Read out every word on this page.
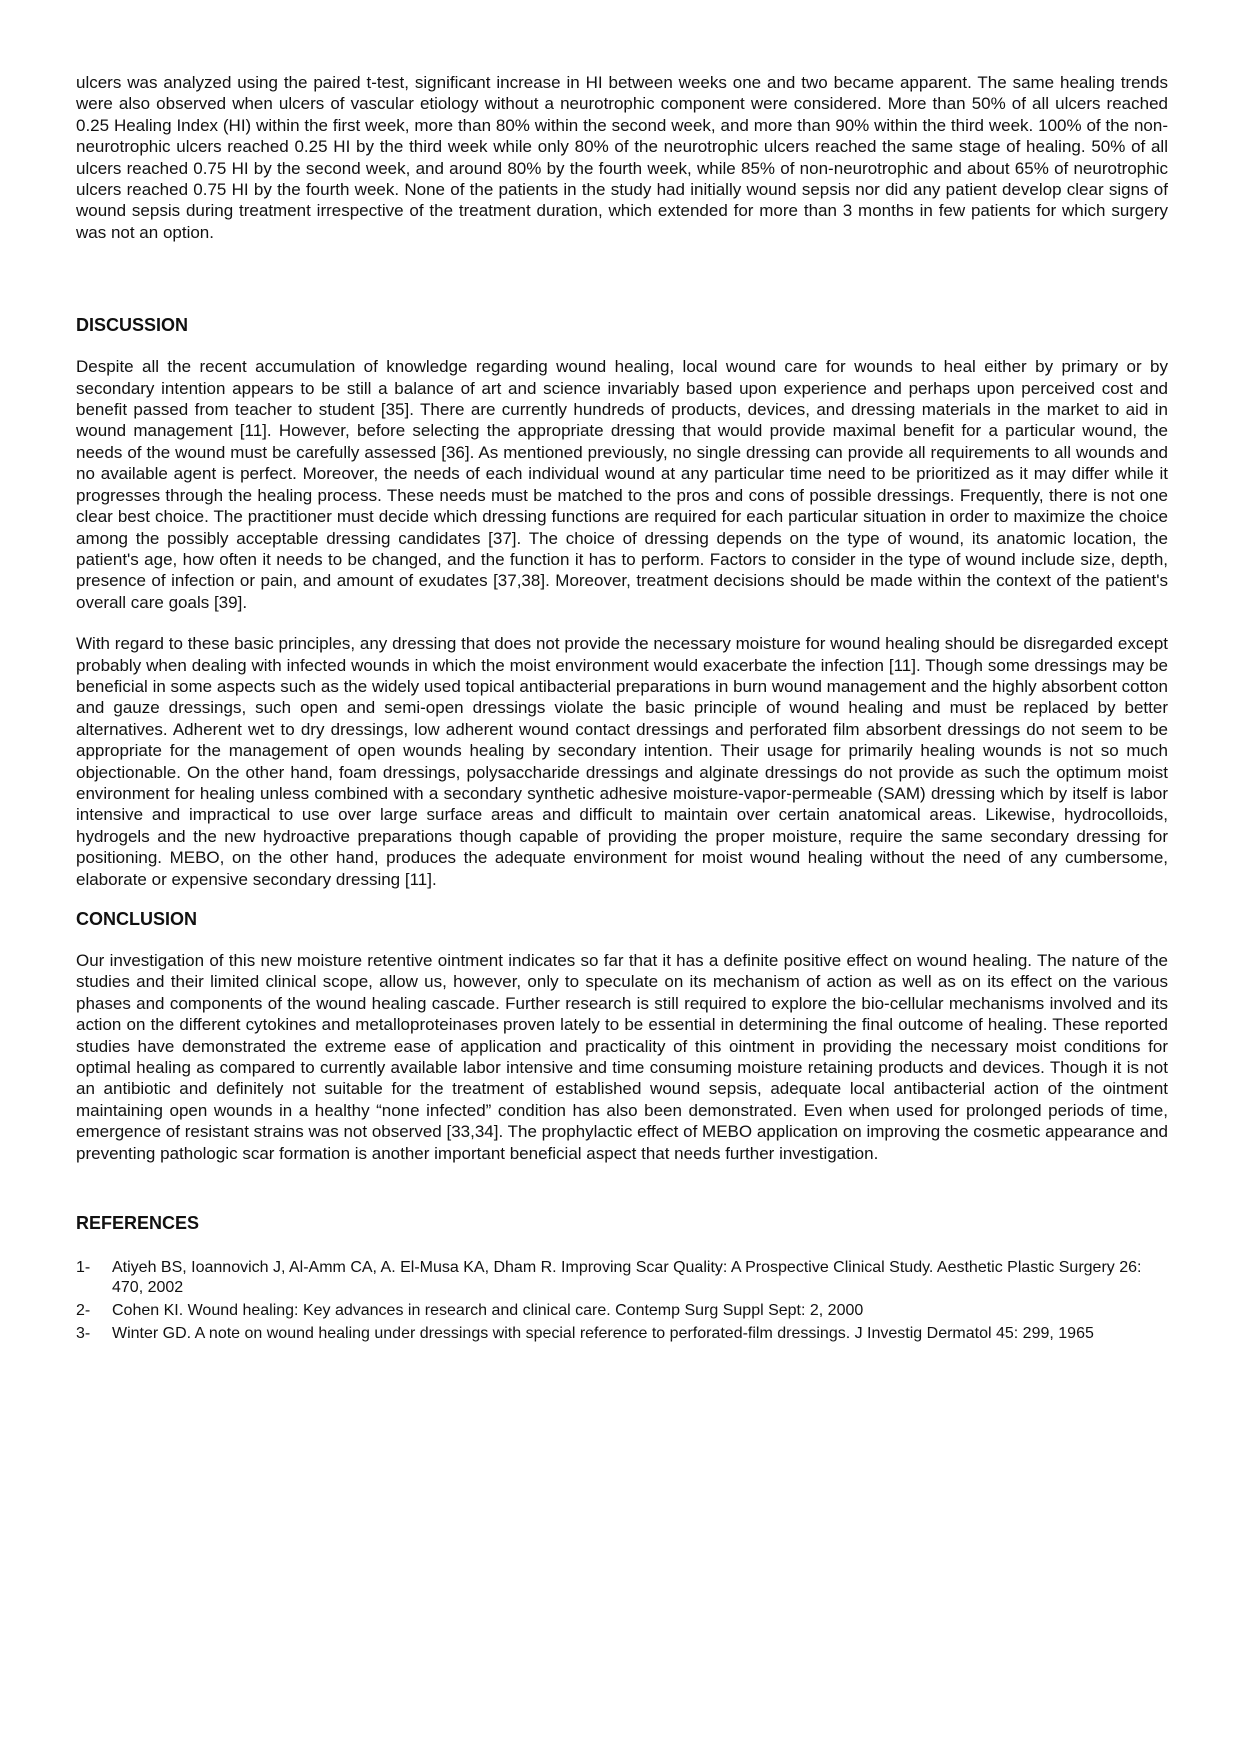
ulcers was analyzed using the paired t-test, significant increase in HI between weeks one and two became apparent. The same healing trends were also observed when ulcers of vascular etiology without a neurotrophic component were considered. More than 50% of all ulcers reached 0.25 Healing Index (HI) within the first week, more than 80% within the second week, and more than 90% within the third week. 100% of the non-neurotrophic ulcers reached 0.25 HI by the third week while only 80% of the neurotrophic ulcers reached the same stage of healing. 50% of all ulcers reached 0.75 HI by the second week, and around 80% by the fourth week, while 85% of non-neurotrophic and about 65% of neurotrophic ulcers reached 0.75 HI by the fourth week. None of the patients in the study had initially wound sepsis nor did any patient develop clear signs of wound sepsis during treatment irrespective of the treatment duration, which extended for more than 3 months in few patients for which surgery was not an option.

DISCUSSION

Despite all the recent accumulation of knowledge regarding wound healing, local wound care for wounds to heal either by primary or by secondary intention appears to be still a balance of art and science invariably based upon experience and perhaps upon perceived cost and benefit passed from teacher to student [35]. There are currently hundreds of products, devices, and dressing materials in the market to aid in wound management [11]. However, before selecting the appropriate dressing that would provide maximal benefit for a particular wound, the needs of the wound must be carefully assessed [36]. As mentioned previously, no single dressing can provide all requirements to all wounds and no available agent is perfect. Moreover, the needs of each individual wound at any particular time need to be prioritized as it may differ while it progresses through the healing process. These needs must be matched to the pros and cons of possible dressings. Frequently, there is not one clear best choice. The practitioner must decide which dressing functions are required for each particular situation in order to maximize the choice among the possibly acceptable dressing candidates [37]. The choice of dressing depends on the type of wound, its anatomic location, the patient's age, how often it needs to be changed, and the function it has to perform. Factors to consider in the type of wound include size, depth, presence of infection or pain, and amount of exudates [37,38]. Moreover, treatment decisions should be made within the context of the patient's overall care goals [39].

With regard to these basic principles, any dressing that does not provide the necessary moisture for wound healing should be disregarded except probably when dealing with infected wounds in which the moist environment would exacerbate the infection [11]. Though some dressings may be beneficial in some aspects such as the widely used topical antibacterial preparations in burn wound management and the highly absorbent cotton and gauze dressings, such open and semi-open dressings violate the basic principle of wound healing and must be replaced by better alternatives. Adherent wet to dry dressings, low adherent wound contact dressings and perforated film absorbent dressings do not seem to be appropriate for the management of open wounds healing by secondary intention. Their usage for primarily healing wounds is not so much objectionable. On the other hand, foam dressings, polysaccharide dressings and alginate dressings do not provide as such the optimum moist environment for healing unless combined with a secondary synthetic adhesive moisture-vapor-permeable (SAM) dressing which by itself is labor intensive and impractical to use over large surface areas and difficult to maintain over certain anatomical areas. Likewise, hydrocolloids, hydrogels and the new hydroactive preparations though capable of providing the proper moisture, require the same secondary dressing for positioning. MEBO, on the other hand, produces the adequate environment for moist wound healing without the need of any cumbersome, elaborate or expensive secondary dressing [11].

CONCLUSION

Our investigation of this new moisture retentive ointment indicates so far that it has a definite positive effect on wound healing. The nature of the studies and their limited clinical scope, allow us, however, only to speculate on its mechanism of action as well as on its effect on the various phases and components of the wound healing cascade. Further research is still required to explore the bio-cellular mechanisms involved and its action on the different cytokines and metalloproteinases proven lately to be essential in determining the final outcome of healing. These reported studies have demonstrated the extreme ease of application and practicality of this ointment in providing the necessary moist conditions for optimal healing as compared to currently available labor intensive and time consuming moisture retaining products and devices. Though it is not an antibiotic and definitely not suitable for the treatment of established wound sepsis, adequate local antibacterial action of the ointment maintaining open wounds in a healthy “none infected” condition has also been demonstrated. Even when used for prolonged periods of time, emergence of resistant strains was not observed [33,34]. The prophylactic effect of MEBO application on improving the cosmetic appearance and preventing pathologic scar formation is another important beneficial aspect that needs further investigation.

REFERENCES
1-	Atiyeh BS, Ioannovich J, Al-Amm CA, A. El-Musa KA, Dham R. Improving Scar Quality: A Prospective Clinical Study. Aesthetic Plastic Surgery 26: 470, 2002
2-	Cohen KI. Wound healing: Key advances in research and clinical care. Contemp Surg Suppl Sept: 2, 2000
3-	Winter GD. A note on wound healing under dressings with special reference to perforated-film dressings. J Investig Dermatol 45: 299, 1965
